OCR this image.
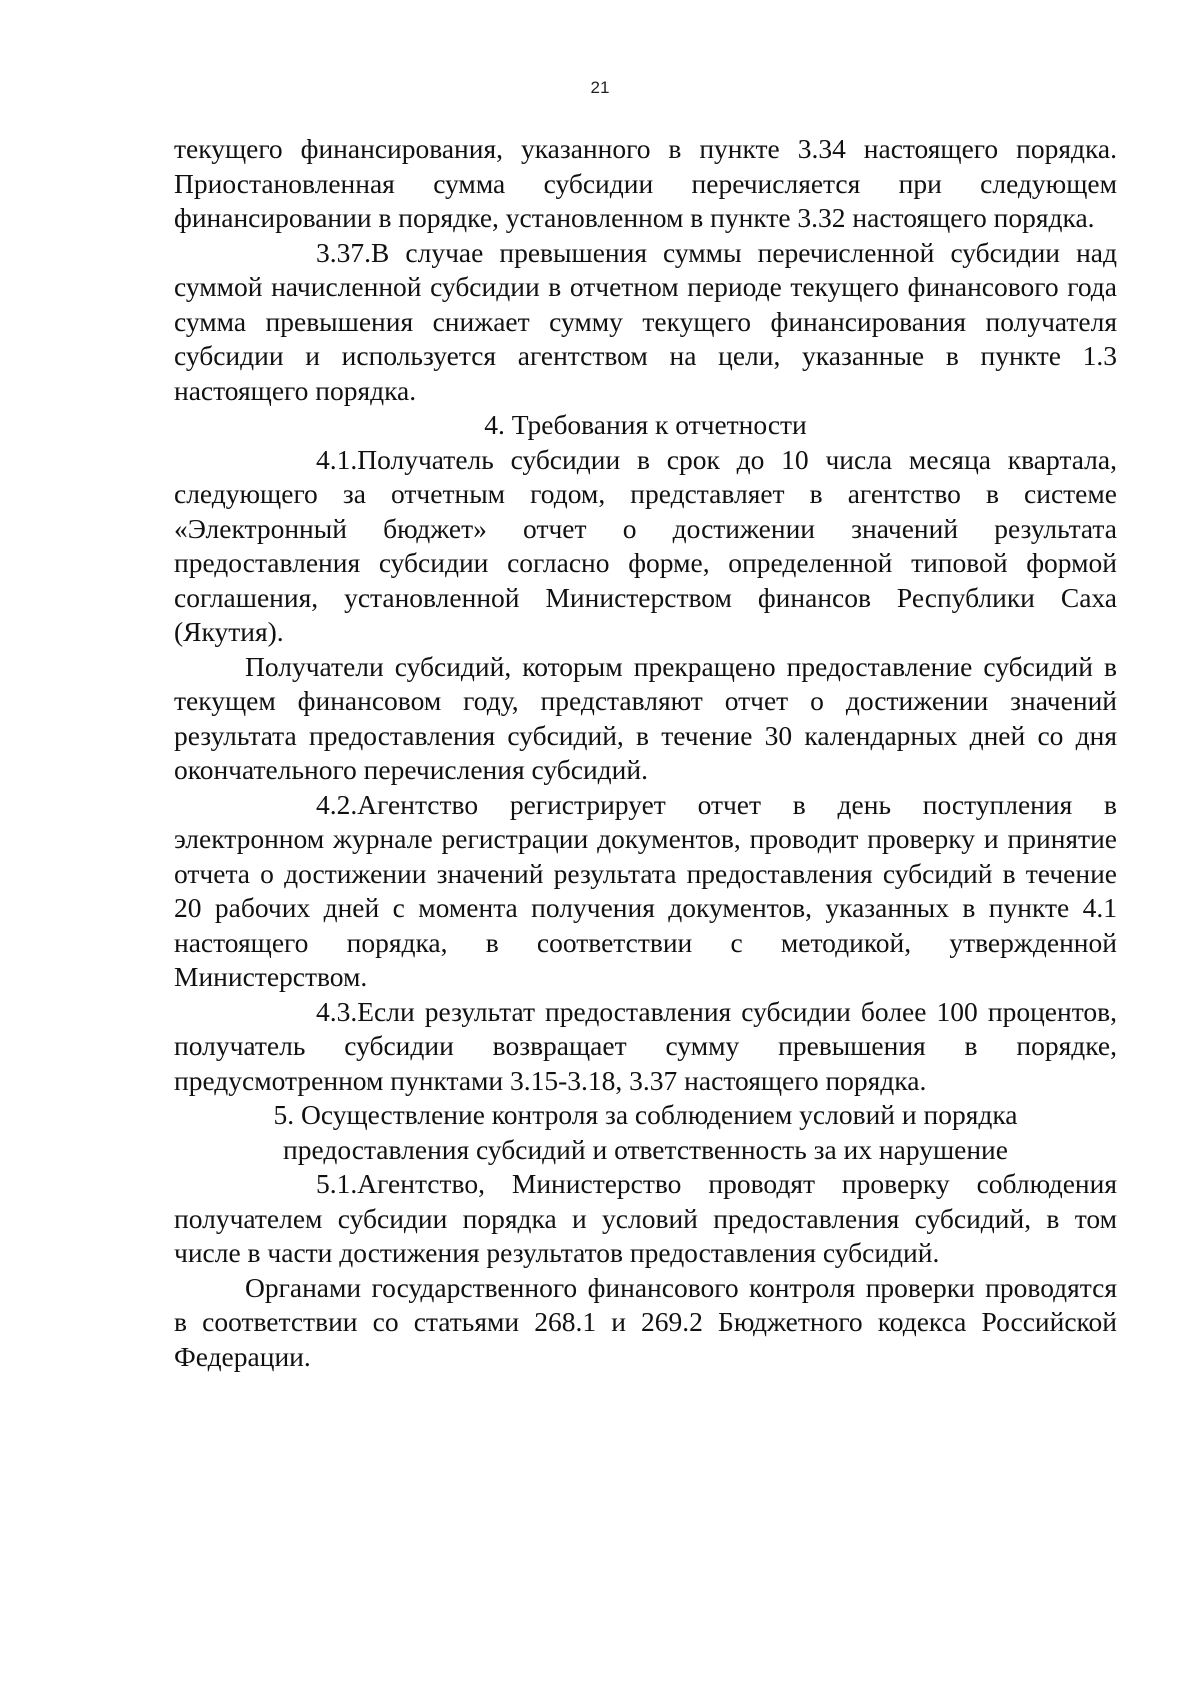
21

текущего финансирования, указанного в пункте 3.34 настоящего порядка. Приостановленная сумма субсидии перечисляется при следующем финансировании в порядке, установленном в пункте 3.32 настоящего порядка.

3.37.В случае превышения суммы перечисленной субсидии над суммой начисленной субсидии в отчетном периоде текущего финансового года сумма превышения снижает сумму текущего финансирования получателя субсидии и используется агентством на цели, указанные в пункте 1.3 настоящего порядка.

4. Требования к отчетности

4.1.Получатель субсидии в срок до 10 числа месяца квартала, следующего за отчетным годом, представляет в агентство в системе «Электронный бюджет» отчет о достижении значений результата предоставления субсидии согласно форме, определенной типовой формой соглашения, установленной Министерством финансов Республики Саха (Якутия).

Получатели субсидий, которым прекращено предоставление субсидий в текущем финансовом году, представляют отчет о достижении значений результата предоставления субсидий, в течение 30 календарных дней со дня окончательного перечисления субсидий.

4.2.Агентство регистрирует отчет в день поступления в электронном журнале регистрации документов, проводит проверку и принятие отчета о достижении значений результата предоставления субсидий в течение 20 рабочих дней с момента получения документов, указанных в пункте 4.1 настоящего порядка, в соответствии с методикой, утвержденной Министерством.

4.3.Если результат предоставления субсидии более 100 процентов, получатель субсидии возвращает сумму превышения в порядке, предусмотренном пунктами 3.15-3.18, 3.37 настоящего порядка.

5. Осуществление контроля за соблюдением условий и порядка предоставления субсидий и ответственность за их нарушение

5.1.Агентство, Министерство проводят проверку соблюдения получателем субсидии порядка и условий предоставления субсидий, в том числе в части достижения результатов предоставления субсидий.

Органами государственного финансового контроля проверки проводятся в соответствии со статьями 268.1 и 269.2 Бюджетного кодекса Российской Федерации.
